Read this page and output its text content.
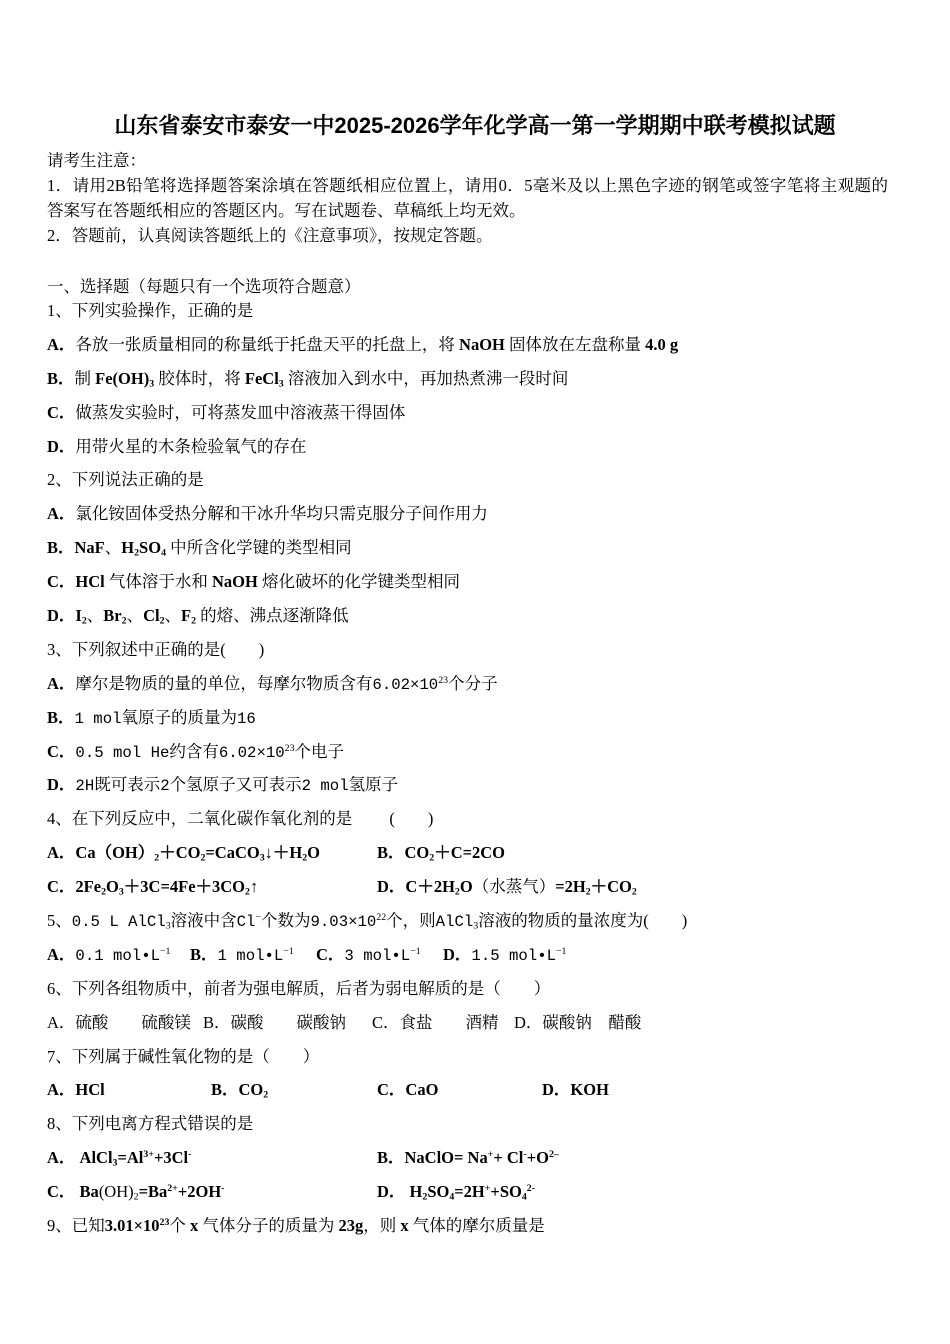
山东省泰安市泰安一中2025-2026学年化学高一第一学期期中联考模拟试题
请考生注意：
1．请用2B铅笔将选择题答案涂填在答题纸相应位置上，请用0．5毫米及以上黑色字迹的钢笔或签字笔将主观题的
答案写在答题纸相应的答题区内。写在试题卷、草稿纸上均无效。
2．答题前，认真阅读答题纸上的《注意事项》，按规定答题。
一、选择题（每题只有一个选项符合题意）
1、下列实验操作，正确的是
A．各放一张质量相同的称量纸于托盘天平的托盘上，将 NaOH 固体放在左盘称量 4.0 g
B．制 $Fe(OH)_3$ 胶体时，将 FeCl$_3$ 溶液加入到水中，再加热煮沸一段时间
C．做蒸发实验时，可将蒸发皿中溶液蒸干得固体
D．用带火星的木条检验氧气的存在
2、下列说法正确的是
A．氯化铵固体受热分解和干冰升华均只需克服分子间作用力
B．NaF、$H_2SO_4$ 中所含化学键的类型相同
C．HCl 气体溶于水和 NaOH 熔化破坏的化学键类型相同
D．$I_2$、$Br_2$、$Cl_2$、$F_2$ 的熔、沸点逐渐降低
3、下列叙述中正确的是(　　)
A．摩尔是物质的量的单位，每摩尔物质含有$6.02\times 10^{23}$个分子
B．1 mol氧原子的质量为16
C．0.5 mol He约含有$6.02\times 10^{23}$个电子
D．2H既可表示2个氢原子又可表示2 mol氢原子
4、在下列反应中，二氧化碳作氧化剂的是　　 (　　)
A．$Ca(OH)_2+CO_2=CaCO_3↓+H_2O$	B．$CO_2+C=2CO$
C．$2Fe_2O_3+3C=4Fe+3CO_2↑$	D．$C+2H_2O$（水蒸气）$=2H_2+CO_2$
5、0.5 L AlCl$_3$溶液中含Cl−个数为$9.03\times 10^{22}$个，则AlCl$_3$溶液的物质的量浓度为(　　)
A．0.1 $mol•L^{-1}$	B．1 $mol•L^{-1}$	C．3 $mol•L^{-1}$	D．1.5 $mol•L^{-1}$
6、下列各组物质中，前者为强电解质，后者为弱电解质的是（　　）
A．硫酸　　硫酸镁 B．碳酸　　碳酸钠	C．食盐　　酒精 D．碳酸钠　醋酸
7、下列属于碱性氧化物的是（　　）
A．HCl	B．$CO_2$	C．CaO	D．KOH
8、下列电离方程式错误的是
A． $AlCl_3=Al^{3+}+3Cl^-$	B．NaClO= $Na^++ Cl^-+O^{2-}$
C． $Ba(OH)_2=Ba^{2+}+2OH^-$	D． $H_2SO_4=2H^++SO_4^{2-}$
9、已知$3.01\times 10^{23}$个 x 气体分子的质量为 23g，则 x 气体的摩尔质量是
